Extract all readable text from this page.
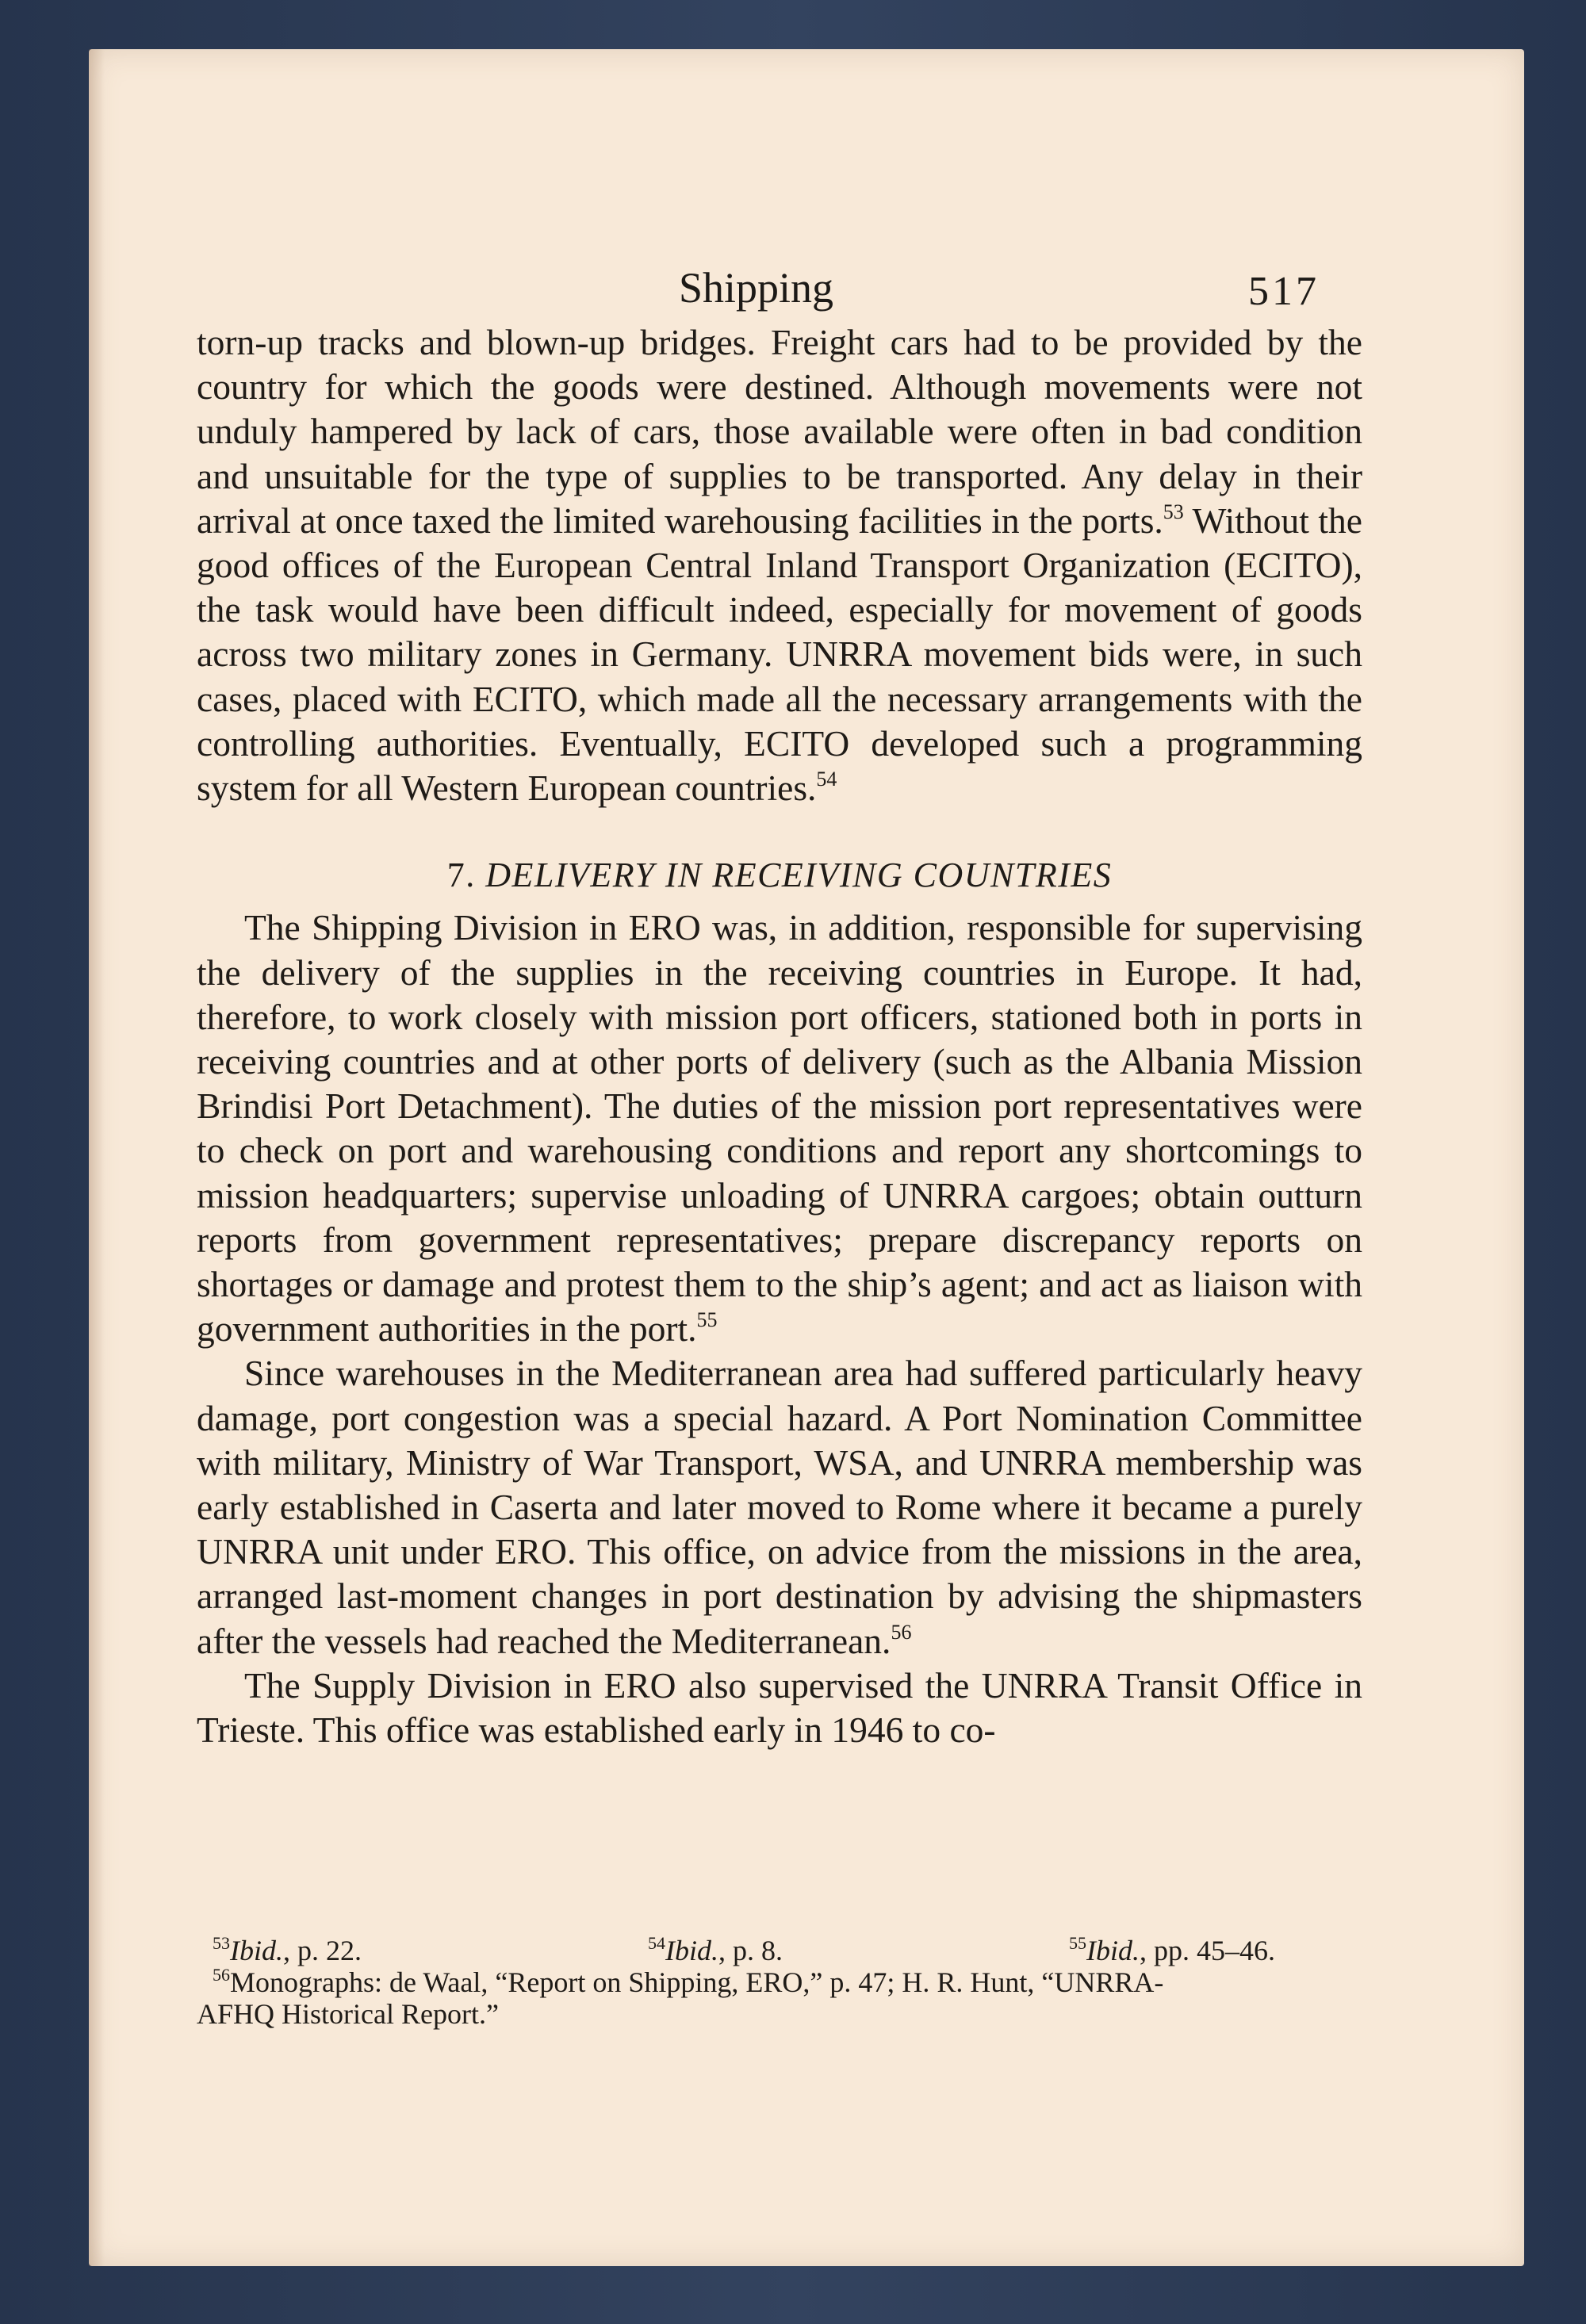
Shipping	517

torn-up tracks and blown-up bridges. Freight cars had to be provided by the country for which the goods were destined. Although movements were not unduly hampered by lack of cars, those available were often in bad condition and unsuitable for the type of supplies to be transported. Any delay in their arrival at once taxed the limited warehousing facilities in the ports.$^{53}$ Without the good offices of the European Central Inland Transport Organization (ECITO), the task would have been difficult indeed, especially for movement of goods across two military zones in Germany. UNRRA movement bids were, in such cases, placed with ECITO, which made all the necessary arrangements with the controlling authorities. Eventually, ECITO developed such a programming system for all Western European countries.$^{54}$

7. DELIVERY IN RECEIVING COUNTRIES

The Shipping Division in ERO was, in addition, responsible for supervising the delivery of the supplies in the receiving countries in Europe. It had, therefore, to work closely with mission port officers, stationed both in ports in receiving countries and at other ports of delivery (such as the Albania Mission Brindisi Port Detachment). The duties of the mission port representatives were to check on port and warehousing conditions and report any shortcomings to mission headquarters; supervise unloading of UNRRA cargoes; obtain outturn reports from government representatives; prepare discrepancy reports on shortages or damage and protest them to the ship’s agent; and act as liaison with government authorities in the port.$^{55}$

Since warehouses in the Mediterranean area had suffered particularly heavy damage, port congestion was a special hazard. A Port Nomination Committee with military, Ministry of War Transport, WSA, and UNRRA membership was early established in Caserta and later moved to Rome where it became a purely UNRRA unit under ERO. This office, on advice from the missions in the area, arranged last-moment changes in port destination by advising the shipmasters after the vessels had reached the Mediterranean.$^{56}$

The Supply Division in ERO also supervised the UNRRA Transit Office in Trieste. This office was established early in 1946 to co-

$^{53}$Ibid., p. 22.	$^{54}$Ibid., p. 8.	$^{55}$Ibid., pp. 45–46.
$^{56}$Monographs: de Waal, “Report on Shipping, ERO,” p. 47; H. R. Hunt, “UNRRA-
AFHQ Historical Report.”
